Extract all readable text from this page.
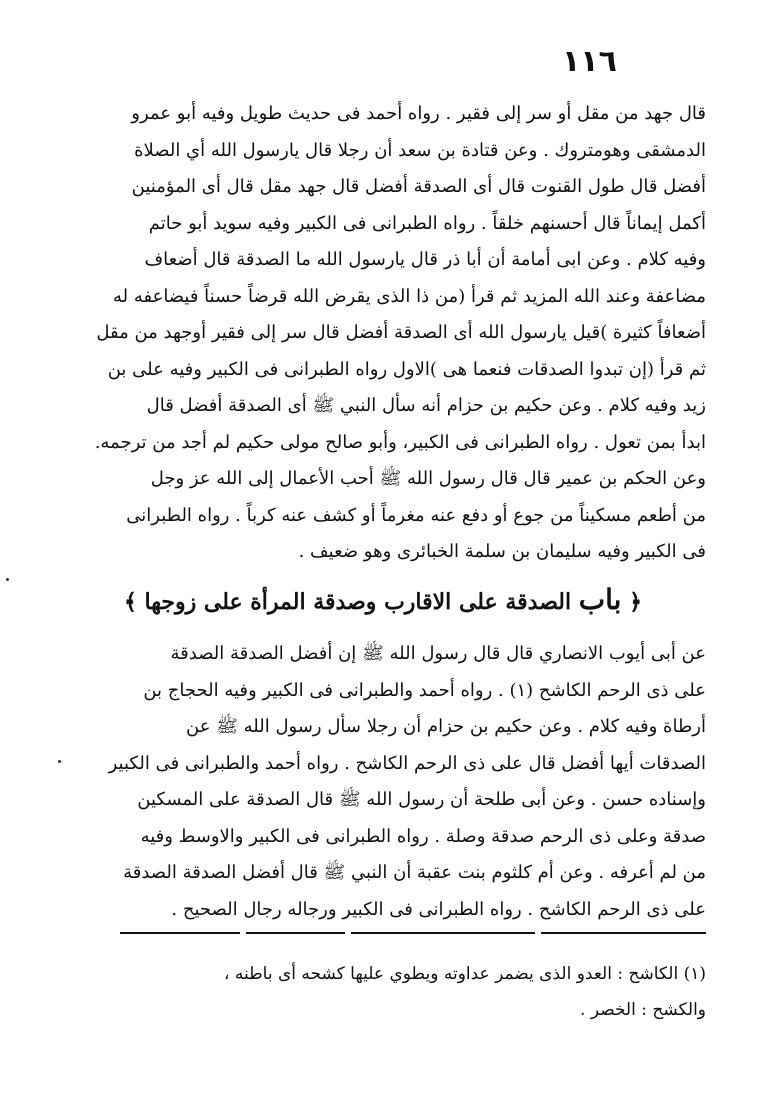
١١٦
قال جهد من مقل أو سر إلى فقير . رواه أحمد فى حديث طويل وفيه أبو عمرو
الدمشقى وهومتروك . وعن قتادة بن سعد أن رجلا قال يارسول الله أي الصلاة
أفضل قال طول القنوت قال أى الصدقة أفضل قال جهد مقل قال أى المؤمنين
أكمل إيماناً قال أحسنهم خلقاً . رواه الطبرانى فى الكبير وفيه سويد أبو حاتم
وفيه كلام . وعن ابى أمامة أن أبا ذر قال يارسول الله ما الصدقة قال أضعاف
مضاعفة وعند الله المزيد ثم قرأ (من ذا الذى يقرض الله قرضاً حسناً فيضاعفه له
أضعافاً كثيرة )قيل يارسول الله أى الصدقة أفضل قال سر إلى فقير أوجهد من مقل
ثم قرأ (إن تبدوا الصدقات فنعما هى )الاول رواه الطبرانى فى الكبير وفيه على بن
زيد وفيه كلام . وعن حكيم بن حزام أنه سأل النبي ﷺ أى الصدقة أفضل قال
ابدأ بمن تعول . رواه الطبرانى فى الكبير، وأبو صالح مولى حكيم لم أجد من ترجمه.
وعن الحكم بن عمير قال قال رسول الله ﷺ أحب الأعمال إلى الله عز وجل
من أطعم مسكيناً من جوع أو دفع عنه مغرماً أو كشف عنه كرباً . رواه الطبرانى
فى الكبير وفيه سليمان بن سلمة الخبائرى وهو ضعيف .
﴿ باب الصدقة على الاقارب وصدقة المرأة على زوجها ﴾
عن أبى أيوب الانصاري قال قال رسول الله ﷺ إن أفضل الصدقة الصدقة
على ذى الرحم الكاشح (١) . رواه أحمد والطبرانى فى الكبير وفيه الحجاج بن
أرطاة وفيه كلام . وعن حكيم بن حزام أن رجلا سأل رسول الله ﷺ عن
الصدقات أيها أفضل قال على ذى الرحم الكاشح . رواه أحمد والطبرانى فى الكبير
وإسناده حسن . وعن أبى طلحة أن رسول الله ﷺ قال الصدقة على المسكين
صدقة وعلى ذى الرحم صدقة وصلة . رواه الطبرانى فى الكبير والاوسط وفيه
من لم أعرفه . وعن أم كلثوم بنت عقبة أن النبي ﷺ قال أفضل الصدقة الصدقة
على ذى الرحم الكاشح . رواه الطبرانى فى الكبير ورجاله رجال الصحيح .
(١) الكاشح : العدو الذى يضمر عداوته ويطوي عليها كشحه أى باطنه ،
والكشح : الخصر .
